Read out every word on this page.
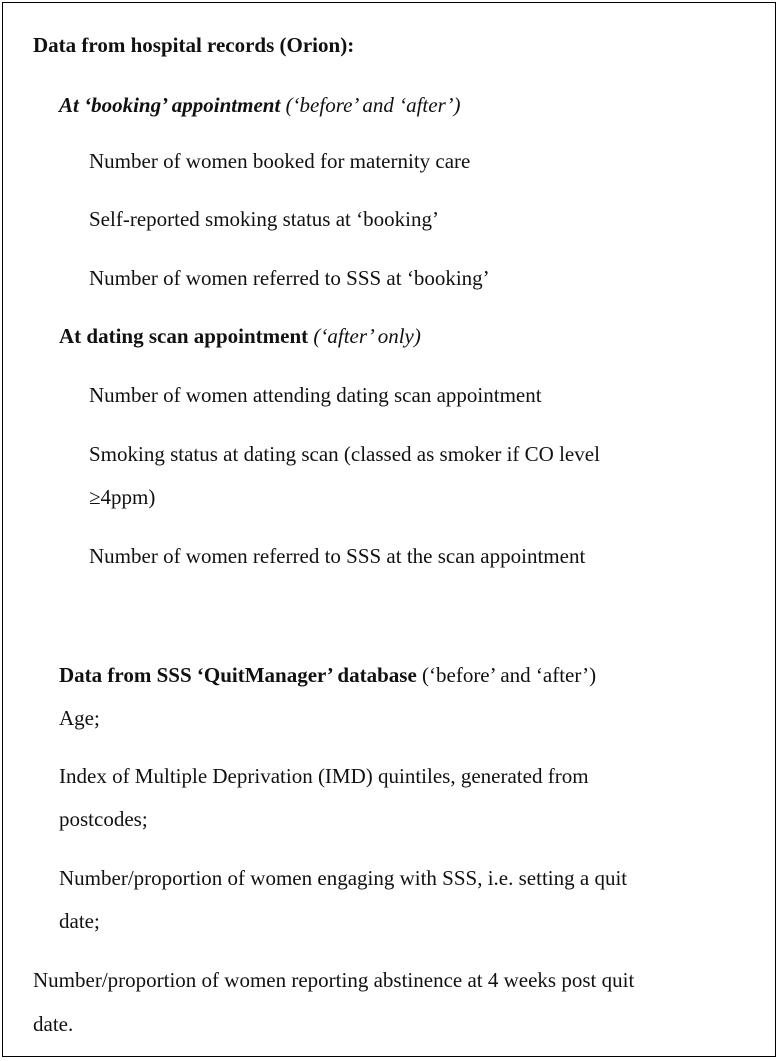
Data from hospital records (Orion):
At ‘booking’ appointment (‘before’ and ‘after’)
Number of women booked for maternity care
Self-reported smoking status at ‘booking’
Number of women referred to SSS at ‘booking’
At dating scan appointment (‘after’ only)
Number of women attending dating scan appointment
Smoking status at dating scan (classed as smoker if CO level
≥4ppm)
Number of women referred to SSS at the scan appointment
Data from SSS ‘QuitManager’ database (‘before’ and ‘after’)
Age;
Index of Multiple Deprivation (IMD) quintiles, generated from
postcodes;
Number/proportion of women engaging with SSS, i.e. setting a quit
date;
Number/proportion of women reporting abstinence at 4 weeks post quit
date.
